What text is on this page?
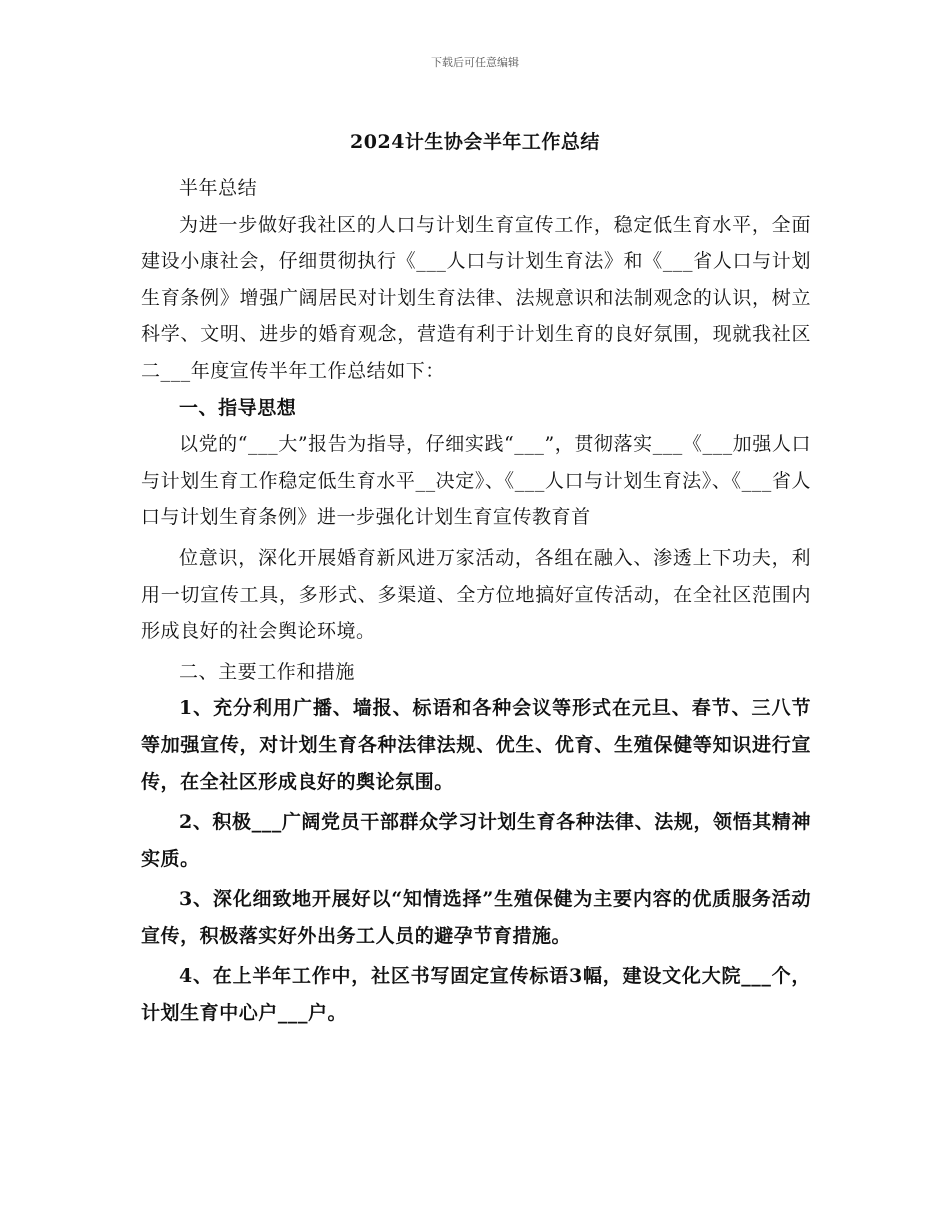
下载后可任意编辑
2024计生协会半年工作总结

半年总结

为进一步做好我社区的人口与计划生育宣传工作，稳定低生育水平，全面建设小康社会，仔细贯彻执行《___人口与计划生育法》和《___省人口与计划生育条例》增强广阔居民对计划生育法律、法规意识和法制观念的认识，树立科学、文明、进步的婚育观念，营造有利于计划生育的良好氛围，现就我社区二___年度宣传半年工作总结如下：

一、指导思想

以党的“___大”报告为指导，仔细实践“___”，贯彻落实___《___加强人口与计划生育工作稳定低生育水平__决定》、《___人口与计划生育法》、《___省人口与计划生育条例》进一步强化计划生育宣传教育首

位意识，深化开展婚育新风进万家活动，各组在融入、渗透上下功夫，利用一切宣传工具，多形式、多渠道、全方位地搞好宣传活动，在全社区范围内形成良好的社会舆论环境。

二、主要工作和措施

1、充分利用广播、墙报、标语和各种会议等形式在元旦、春节、三八节等加强宣传，对计划生育各种法律法规、优生、优育、生殖保健等知识进行宣传，在全社区形成良好的舆论氛围。

2、积极___广阔党员干部群众学习计划生育各种法律、法规，领悟其精神实质。

3、深化细致地开展好以“知情选择”生殖保健为主要内容的优质服务活动宣传，积极落实好外出务工人员的避孕节育措施。

4、在上半年工作中，社区书写固定宣传标语3幅，建设文化大院___个，计划生育中心户___户。
